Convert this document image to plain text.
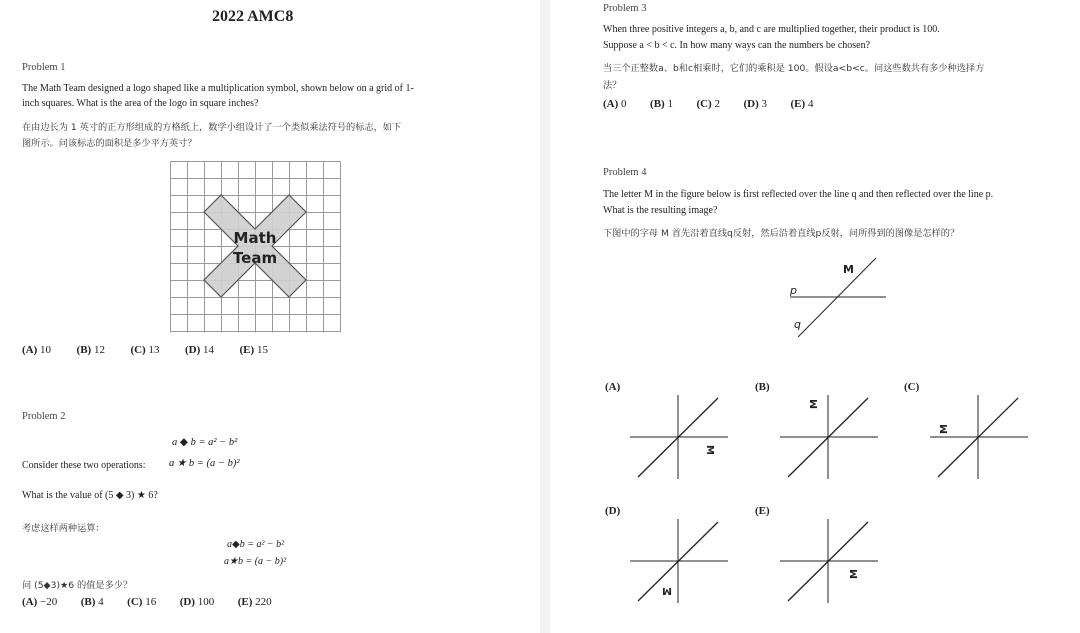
2022 AMC8
Problem 1
The Math Team designed a logo shaped like a multiplication symbol, shown below on a grid of 1-
inch squares. What is the area of the logo in square inches?
在由边长为 1 英寸的正方形组成的方格纸上，数学小组设计了一个类似乘法符号的标志，如下
图所示。问该标志的面积是多少平方英寸？
Math
Team
(A) 10 (B) 12 (C) 13 (D) 14 (E) 15
Problem 2
a ◆ b = a² − b²
Consider these two operations: a ★ b = (a − b)²
What is the value of (5 ◆ 3) ★ 6?
考虑这样两种运算：
a◆b = a² − b²
a★b = (a − b)²
问 (5◆3)★6 的值是多少？
(A) −20 (B) 4 (C) 16 (D) 100 (E) 220
Problem 3
When three positive integers a, b, and c are multiplied together, their product is 100.
Suppose a < b < c. In how many ways can the numbers be chosen?
当三个正整数a、b和c相乘时，它们的乘积是 100。假设a<b<c。问这些数共有多少种选择方
法？
(A) 0 (B) 1 (C) 2 (D) 3 (E) 4
Problem 4
The letter M in the figure below is first reflected over the line q and then reflected over the line p.
What is the resulting image?
下图中的字母 M 首先沿着直线q反射，然后沿着直线p反射，问所得到的图像是怎样的？
M
p
q
(A)	(B)	(C)
(D)	(E)
M
M
M
M
M
